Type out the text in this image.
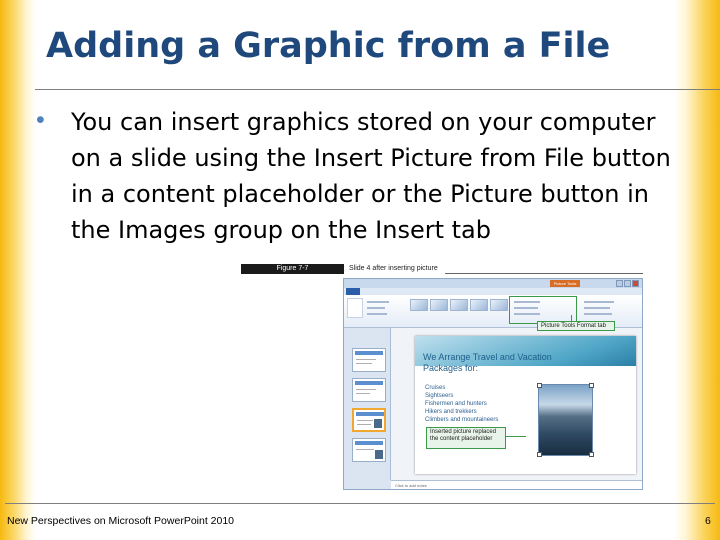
Adding a Graphic from a File
• You can insert graphics stored on your computer on a slide using the Insert Picture from File button in a content placeholder or the Picture button in the Images group on the Insert tab

Figure 7-7	Slide 4 after inserting picture
Picture Tools
We Arrange Travel and Vacation Packages for:
Cruises
Sightseers
Fishermen and hunters
Hikers and trekkers
Climbers and mountaineers
Click to add notes
Picture Tools Format tab
Inserted picture replaced the content placeholder
New Perspectives on Microsoft PowerPoint 2010	6
